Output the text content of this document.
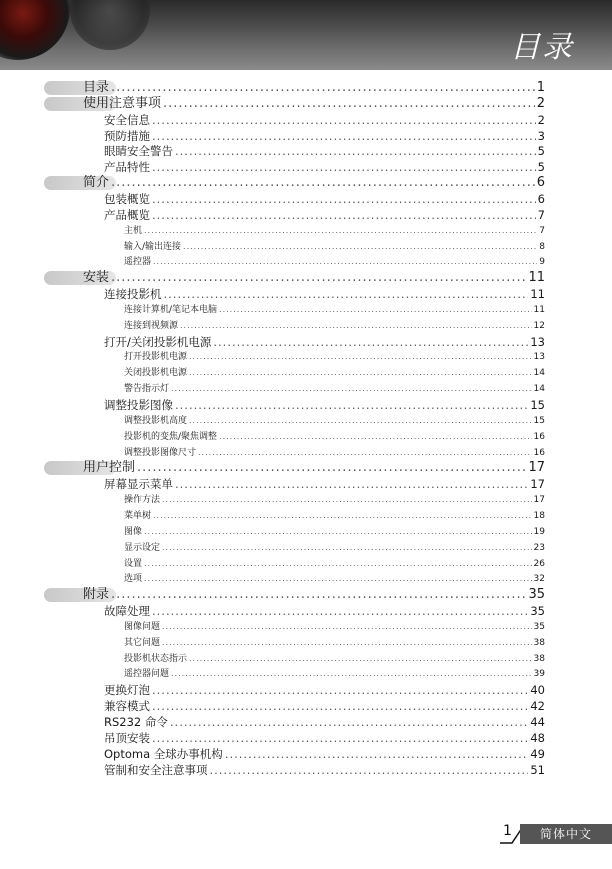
目录
目录 .....	1
使用注意事项 .....	2
安全信息 .....	2
预防措施 .....	3
眼睛安全警告 .....	5
产品特性 .....	5
简介 .....	6
包装概览 .....	6
产品概览 .....	7
主机 .....	7
输入/输出连接 .....	8
遥控器 .....	9
安装 .....	11
连接投影机 .....	11
连接计算机/笔记本电脑 .....	11
连接到视频源 .....	12
打开/关闭投影机电源 .....	13
打开投影机电源 .....	13
关闭投影机电源 .....	14
警告指示灯 .....	14
调整投影图像 .....	15
调整投影机高度 .....	15
投影机的变焦/聚焦调整 .....	16
调整投影图像尺寸 .....	16
用户控制 .....	17
屏幕显示菜单 .....	17
操作方法 .....	17
菜单树 .....	18
图像 .....	19
显示设定 .....	23
设置 .....	26
选项 .....	32
附录 .....	35
故障处理 .....	35
图像问题 .....	35
其它问题 .....	38
投影机状态指示 .....	38
遥控器问题 .....	39
更换灯泡 .....	40
兼容模式 .....	42
RS232 命令 .....	44
吊顶安装 .....	48
Optoma 全球办事机构 .....	49
管制和安全注意事项 .....	51
1	简体中文
